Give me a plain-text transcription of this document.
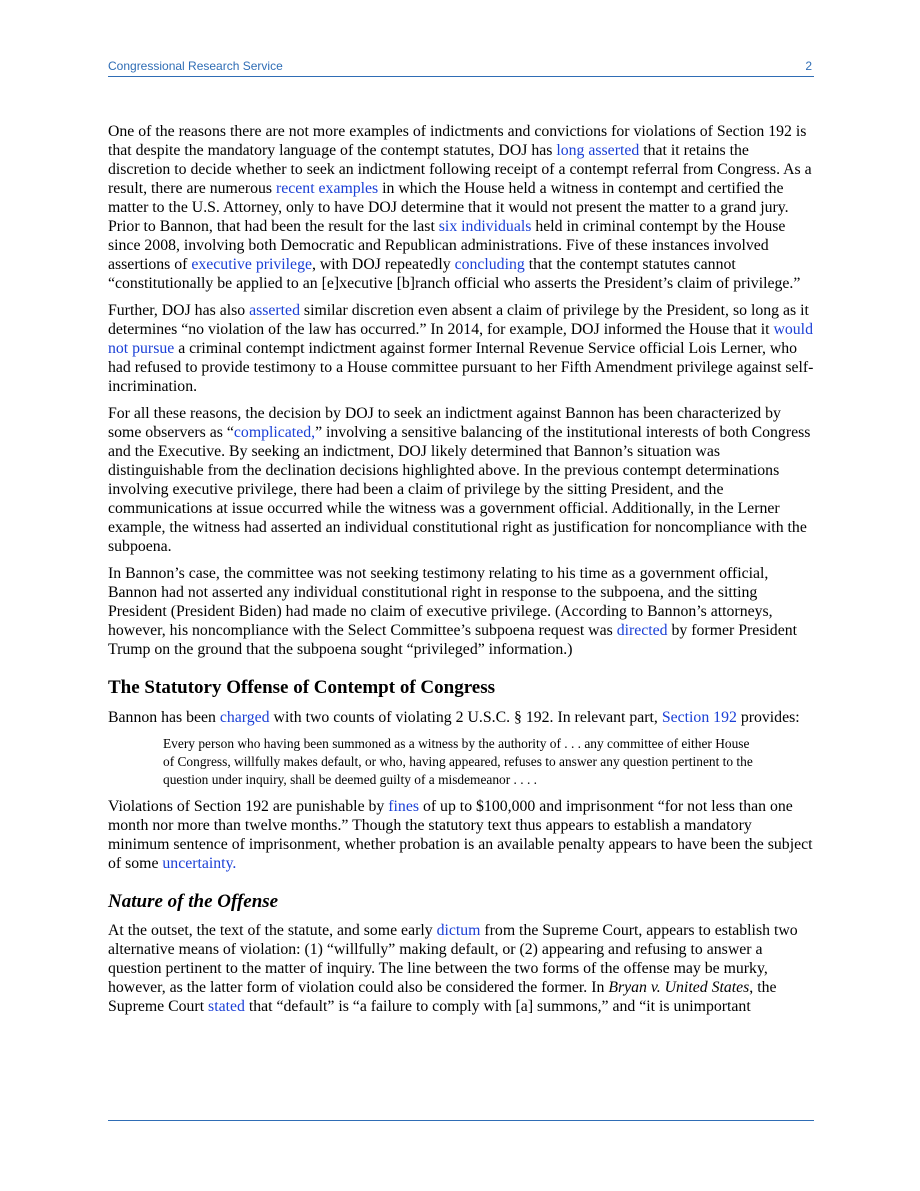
Congressional Research Service	2

One of the reasons there are not more examples of indictments and convictions for violations of Section 192 is that despite the mandatory language of the contempt statutes, DOJ has long asserted that it retains the discretion to decide whether to seek an indictment following receipt of a contempt referral from Congress. As a result, there are numerous recent examples in which the House held a witness in contempt and certified the matter to the U.S. Attorney, only to have DOJ determine that it would not present the matter to a grand jury. Prior to Bannon, that had been the result for the last six individuals held in criminal contempt by the House since 2008, involving both Democratic and Republican administrations. Five of these instances involved assertions of executive privilege, with DOJ repeatedly concluding that the contempt statutes cannot “constitutionally be applied to an [e]xecutive [b]ranch official who asserts the President’s claim of privilege.”

Further, DOJ has also asserted similar discretion even absent a claim of privilege by the President, so long as it determines “no violation of the law has occurred.” In 2014, for example, DOJ informed the House that it would not pursue a criminal contempt indictment against former Internal Revenue Service official Lois Lerner, who had refused to provide testimony to a House committee pursuant to her Fifth Amendment privilege against self-incrimination.

For all these reasons, the decision by DOJ to seek an indictment against Bannon has been characterized by some observers as “complicated,” involving a sensitive balancing of the institutional interests of both Congress and the Executive. By seeking an indictment, DOJ likely determined that Bannon’s situation was distinguishable from the declination decisions highlighted above. In the previous contempt determinations involving executive privilege, there had been a claim of privilege by the sitting President, and the communications at issue occurred while the witness was a government official. Additionally, in the Lerner example, the witness had asserted an individual constitutional right as justification for noncompliance with the subpoena.

In Bannon’s case, the committee was not seeking testimony relating to his time as a government official, Bannon had not asserted any individual constitutional right in response to the subpoena, and the sitting President (President Biden) had made no claim of executive privilege. (According to Bannon’s attorneys, however, his noncompliance with the Select Committee’s subpoena request was directed by former President Trump on the ground that the subpoena sought “privileged” information.)

The Statutory Offense of Contempt of Congress

Bannon has been charged with two counts of violating 2 U.S.C. § 192. In relevant part, Section 192 provides:

Every person who having been summoned as a witness by the authority of . . . any committee of either House of Congress, willfully makes default, or who, having appeared, refuses to answer any question pertinent to the question under inquiry, shall be deemed guilty of a misdemeanor . . . .

Violations of Section 192 are punishable by fines of up to $100,000 and imprisonment “for not less than one month nor more than twelve months.” Though the statutory text thus appears to establish a mandatory minimum sentence of imprisonment, whether probation is an available penalty appears to have been the subject of some uncertainty.

Nature of the Offense

At the outset, the text of the statute, and some early dictum from the Supreme Court, appears to establish two alternative means of violation: (1) “willfully” making default, or (2) appearing and refusing to answer a question pertinent to the matter of inquiry. The line between the two forms of the offense may be murky, however, as the latter form of violation could also be considered the former. In Bryan v. United States, the Supreme Court stated that “default” is “a failure to comply with [a] summons,” and “it is unimportant
